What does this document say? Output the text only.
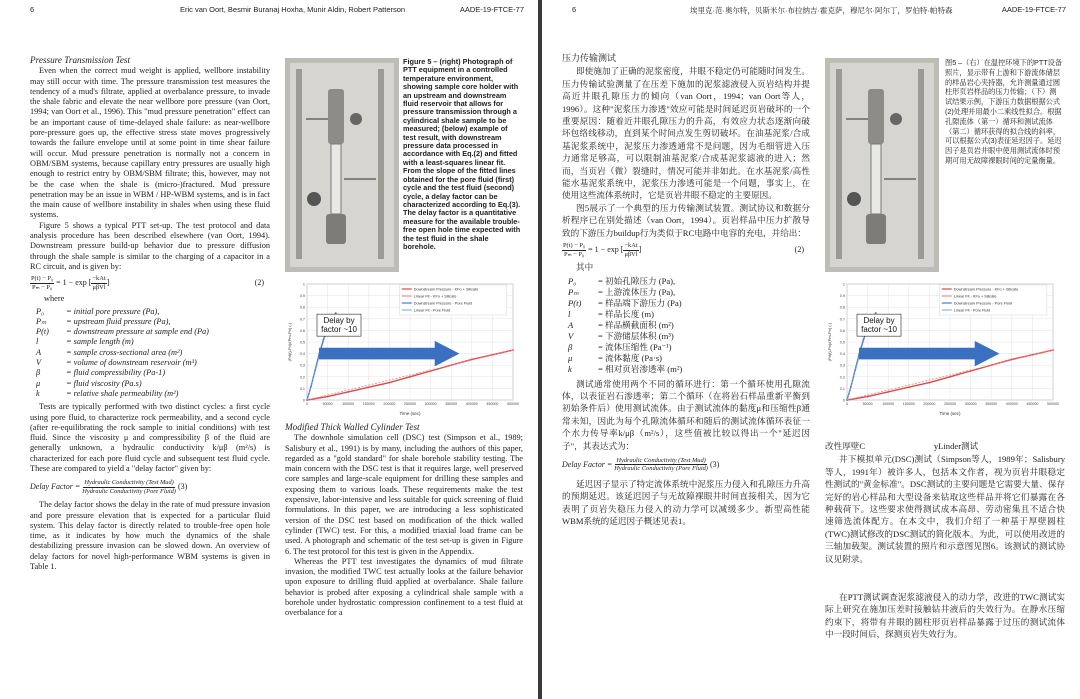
6	Eric van Oort, Besmir Buranaj Hoxha, Munir Aldin, Robert Patterson	AADE-19-FTCE-77
Pressure Transmission Test

Even when the correct mud weight is applied, wellbore instability may still occur with time. The pressure transmission test measures the tendency of a mud's filtrate, applied at overbalance pressure, to invade the shale fabric and elevate the near wellbore pore pressure (van Oort, 1994; van Oort et al., 1996). This "mud pressure penetration" effect can be an important cause of time-delayed shale failure: as near-wellbore pore-pressure goes up, the effective stress state moves progressively towards the failure envelope until at some point in time shear failure will occur. Mud pressure penetration is normally not a concern in OBM/SBM systems, because capillary entry pressures are usually high enough to restrict entry by OBM/SBM filtrate; this, however, may not be the case when the shale is (micro-)fractured. Mud pressure penetration may be an issue in WBM / HP-WBM systems, and is in fact the main cause of wellbore instability in shales when using these fluid systems.

Figure 5 shows a typical PTT set-up. The test protocol and data analysis procedure has been described elsewhere (van Oort, 1994). Downstream pressure build-up behavior due to pressure diffusion through the shale sample is similar to the charging of a capacitor in a RC circuit, and is given by:

$\frac{\text{P(t) − P₀}}{\text{Pₘ − P₀}}$
= 1 − exp [ $\frac{\text{−kAt}}{\text{μβVl}}$ ]	(2)

where

P₀	= initial pore pressure (Pa),
Pₘ	= upstream fluid pressure (Pa),
P(t)	= downstream pressure at sample end (Pa)
l	= sample length (m)
A	= sample cross-sectional area (m²)
V	= volume of downstream reservoir (m³)
β	= fluid compressibility (Pa-1)
μ	= fluid viscosity (Pa.s)
k	= relative shale permeability (m²)

Tests are typically performed with two distinct cycles: a first cycle using pore fluid, to characterize rock permeability, and a second cycle (after re-equilibrating the rock sample to initial conditions) with test fluid. Since the viscosity μ and compressibility β of the fluid are generally unknown, a hydraulic conductivity k/μβ (m²/s) is characterized for each pore fluid cycle and subsequent test fluid cycle. These are compared to yield a "delay factor" given by:

Delay Factor =
$\frac{\text{Hydraulic Conductivity (Test Mud)}}{\text{Hydraulic Conductivity (Pore Fluid)}}$
(3)

The delay factor shows the delay in the rate of mud pressure invasion and pore pressure elevation that is expected for a particular fluid system. This delay factor is directly related to trouble-free open hole time, as it indicates by how much the dynamics of the shale destabilizing pressure invasion can be slowed down. An overview of delay factors for novel high-performance WBM systems is given in Table 1.

Figure 5 – (right) Photograph of PTT equipment in a controlled temperature environment, showing sample core holder with an upstream and downstream fluid reservoir that allows for pressure transmission through a cylindrical shale sample to be measured; (below) example of test result, with downstream pressure data processed in accordance with Eq.(2) and fitted with a least-squares linear fit. From the slope of the fitted lines obtained for the pore fluid (first) cycle and the test fluid (second) cycle, a delay factor can be characterized according to Eq.(3). The delay factor is a quantitative measure for the available trouble-free open hole time expected with the test fluid in the shale borehole.
0
0.1
0.2
0.3
0.4
0.5
0.6
0.7
0.8
0.9
1
0	50000	100000 150000 200000 250000 300000 350000 400000 450000 500000
Time (sec)
(Pd(t)-Po)/(Pm-Po) (-)
Downstream Pressure - KFo + Silicate
Linear Fit - KFo + Silicate
Downstream Pressure - Pore Fluid
Linear Fit - Pore Fluid
Delay by
factor ~10
Modified Thick Walled Cylinder Test

The downhole simulation cell (DSC) test (Simpson et al., 1989; Salisbury et al., 1991) is by many, including the authors of this paper, regarded as a "gold standard" for shale borehole stability testing. The main concern with the DSC test is that it requires large, well preserved core samples and large-scale equipment for drilling these samples and exposing them to various loads. These requirements make the test expensive, labor-intensive and less suitable for quick screening of fluid formulations. In this paper, we are introducing a less sophisticated version of the DSC test based on modification of the thick walled cylinder (TWC) test. For this, a modified triaxial load frame can be used. A photograph and schematic of the test set-up is given in Figure 6. The test protocol for this test is given in the Appendix.

Whereas the PTT test investigates the dynamics of mud filtrate invasion, the modified TWC test actually looks at the failure behavior upon exposure to drilling fluid applied at overbalance. Shale failure behavior is probed after exposing a cylindrical shale sample with a borehole under hydrostatic compression confinement to a test fluid at overbalance for a

6	埃里克·范·奥尔特，贝斯米尔·布拉纳吉·霍克萨，穆尼尔·阿尔丁，罗伯特·帕特森	AADE-19-FTCE-77
压力传输测试

即使施加了正确的泥浆密度，井眼不稳定仍可能随时间发生。压力传输试验测量了在压差下施加的泥浆滤液侵入页岩结构并提高近井眼孔隙压力的倾向（van Oort，1994；van Oort等人，1996）。这种"泥浆压力渗透"效应可能是时间延迟页岩破坏的一个重要原因：随着近井眼孔隙压力的升高，有效应力状态逐渐向破坏包络线移动，直到某个时间点发生剪切破坏。在油基泥浆/合成基泥浆系统中，泥浆压力渗透通常不是问题，因为毛细管进入压力通常足够高，可以限制油基泥浆/合成基泥浆滤液的进入；然而，当页岩（微）裂缝时，情况可能并非如此。在水基泥浆/高性能水基泥浆系统中，泥浆压力渗透可能是一个问题，事实上，在使用这些流体系统时，它是页岩井眼不稳定的主要原因。

图5展示了一个典型的压力传输测试装置。测试协议和数据分析程序已在别处描述（van Oort，1994）。页岩样品中压力扩散导致的下游压力buildup行为类似于RC电路中电容的充电，并给出：

$\frac{\text{P(t) − P₀}}{\text{Pₘ − P₀}}$
= 1 − exp [ $\frac{\text{−kAt}}{\text{μβVl}}$ ]	(2)

其中

P₀	= 初始孔隙压力 (Pa),
Pₘ	= 上游流体压力 (Pa),
P(t)	= 样品端下游压力 (Pa)
l	= 样品长度 (m)
A	= 样品横截面积 (m²)
V	= 下游储层体积 (m³)
β	= 流体压缩性 (Pa⁻¹)
μ	= 流体黏度 (Pa·s)
k	= 相对页岩渗透率 (m²)

测试通常使用两个不同的循环进行：第一个循环使用孔隙流体，以表征岩石渗透率；第二个循环（在将岩石样品重新平衡到初始条件后）使用测试流体。由于测试流体的黏度μ和压缩性β通常未知，因此为每个孔隙流体循环和随后的测试流体循环表征一个水力传导率k/μβ（m²/s），这些值被比较以得出一个"延迟因子"，其表达式为：

Delay Factor =
$\frac{\text{Hydraulic Conductivity (Test Mud)}}{\text{Hydraulic Conductivity (Pore Fluid)}}$
(3)

延迟因子显示了特定流体系统中泥浆压力侵入和孔隙压力升高的预期延迟。该延迟因子与无故障裸眼井时间直接相关，因为它表明了页岩失稳压力侵入的动力学可以减缓多少。新型高性能WBM系统的延迟因子概述见表1。

图5 –（右）在温控环境下的PTT设备照片，显示带有上游和下游流体储层的样品岩心夹持器，允许测量通过圆柱形页岩样品的压力传输；（下）测试结果示例，下游压力数据根据公式(2)处理并用最小二乘线性拟合。根据孔隙流体（第一）循环和测试流体（第二）循环获得的拟合线的斜率，可以根据公式(3)表征延迟因子。延迟因子是页岩井眼中使用测试流体时预期可用无故障裸眼时间的定量衡量。
0
0.1
0.2
0.3
0.4
0.5
0.6
0.7
0.8
0.9
1
0	50000	100000 150000 200000 250000 300000 350000 400000 450000 500000
Time (sec)
(Pd(t)-Po)/(Pm-Po) (-)
Downstream Pressure - KFo + Silicate
Linear Fit - KFo + Silicate
Downstream Pressure - Pore Fluid
Linear Fit - Pore Fluid
Delay by
factor ~10
改性厚壁C　　　　　　　　yLinder测试

井下模拟单元(DSC)测试（Simpson等人，1989年；Salisbury等人，1991年）被许多人，包括本文作者，视为页岩井眼稳定性测试的"黄金标准"。DSC测试的主要问题是它需要大量、保存完好的岩心样品和大型设备来钻取这些样品并将它们暴露在各种载荷下。这些要求使得测试成本高昂、劳动密集且不适合快速筛选流体配方。在本文中，我们介绍了一种基于厚壁圆柱(TWC)测试修改的DSC测试的简化版本。为此，可以使用改进的三轴加载架。测试装置的照片和示意图见图6。该测试的测试协议见附录。

在PTT测试调查泥浆滤液侵入的动力学，改进的TWC测试实际上研究在施加压差时接触钻井液后的失效行为。在静水压缩约束下，将带有井眼的圆柱形页岩样品暴露于过压的测试流体中一段时间后，探测页岩失效行为。
